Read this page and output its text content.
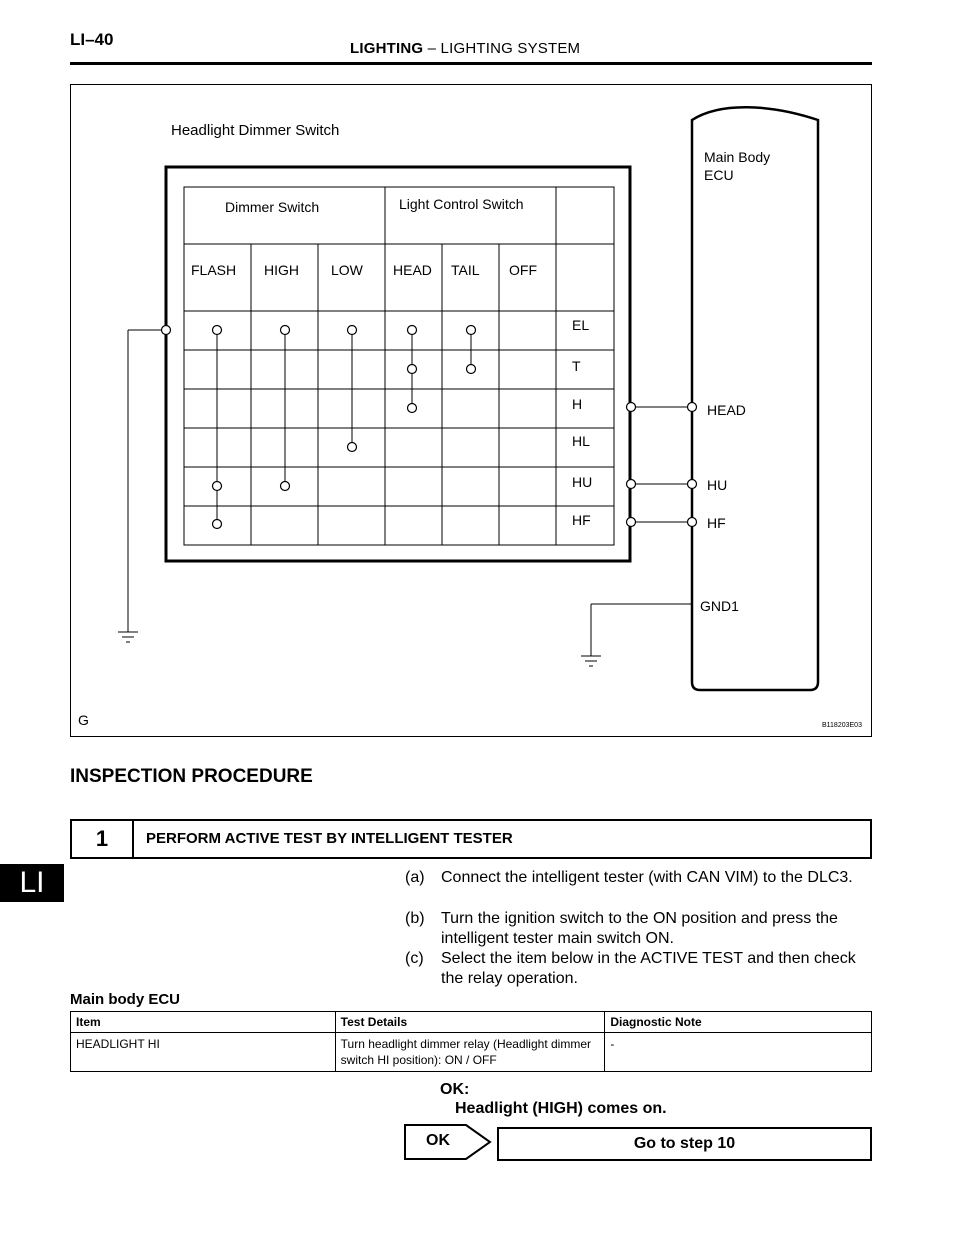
LI–40	LIGHTING – LIGHTING SYSTEM
LI
Headlight Dimmer Switch
Dimmer Switch	Light Control Switch
FLASH HIGH LOW HEAD TAIL OFF
EL
T
H
HL
HU
HF
Main Body
ECU
HEAD
HU
HF
GND1
G	B118203E03
INSPECTION PROCEDURE
1	PERFORM ACTIVE TEST BY INTELLIGENT TESTER
(a) Connect the intelligent tester (with CAN VIM) to the DLC3.
(b) Turn the ignition switch to the ON position and press the intelligent tester main switch ON.
(c) Select the item below in the ACTIVE TEST and then check the relay operation.
Main body ECU
Item	Test Details	Diagnostic Note
HEADLIGHT HI	Turn headlight dimmer relay (Headlight dimmer switch HI position): ON / OFF	-
OK:
Headlight (HIGH) comes on.
OK	Go to step 10
